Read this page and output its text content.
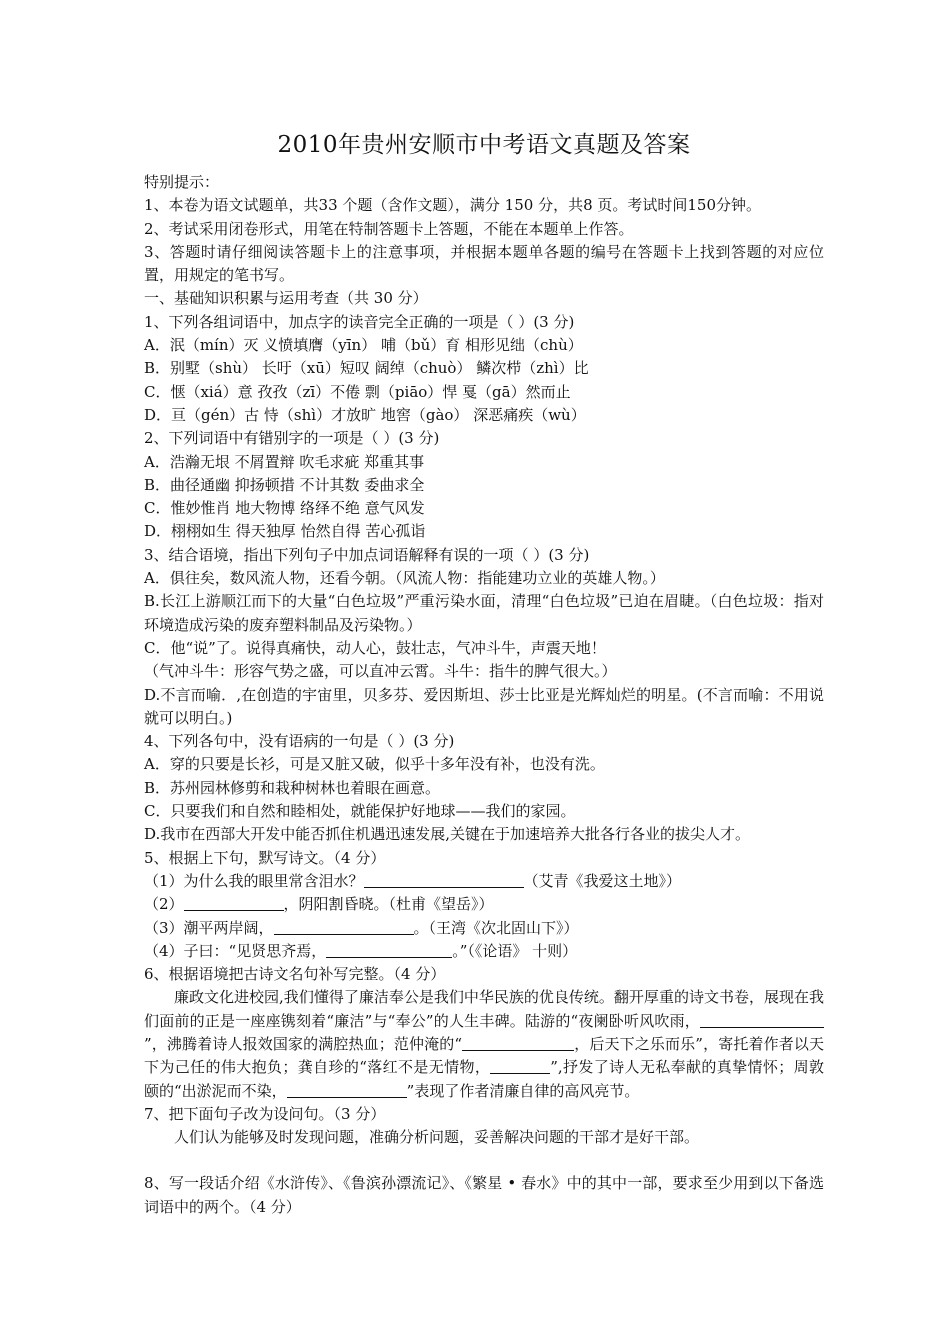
2010年贵州安顺市中考语文真题及答案
特别提示：
1、本卷为语文试题单，共33 个题（含作文题），满分 150 分，共8 页。考试时间150分钟。
2、考试采用闭卷形式，用笔在特制答题卡上答题，不能在本题单上作答。
3、答题时请仔细阅读答题卡上的注意事项，并根据本题单各题的编号在答题卡上找到答题的对应位置，用规定的笔书写。
一、基础知识积累与运用考查（共 30 分）
1、下列各组词语中，加点字的读音完全正确的一项是（ ）(3 分)
A．泯（mín）灭 义愤填膺（yīn） 哺（bǔ）育 相形见绌（chù）
B．别墅（shù） 长吁（xū）短叹 阔绰（chuò） 鳞次栉（zhì）比
C．惬（xiá）意 孜孜（zī）不倦 剽（piāo）悍 戛（gā）然而止
D．亘（gén）古 恃（shì）才放旷 地窖（gào） 深恶痛疾（wù）
2、下列词语中有错别字的一项是（ ）(3 分)
A．浩瀚无垠 不屑置辩 吹毛求疵 郑重其事
B．曲径通幽 抑扬顿措 不计其数 委曲求全
C．惟妙惟肖 地大物博 络绎不绝 意气风发
D．栩栩如生 得天独厚 怡然自得 苦心孤诣
3、结合语境，指出下列句子中加点词语解释有误的一项（ ）(3 分)
A．俱往矣，数风流人物，还看今朝。（风流人物：指能建功立业的英雄人物。）
B.长江上游顺江而下的大量“白色垃圾”严重污染水面，清理“白色垃圾”已迫在眉睫。（白色垃圾：指对环境造成污染的废弃塑料制品及污染物。）
C．他“说”了。说得真痛快，动人心，鼓壮志，气冲斗牛，声震天地！
（气冲斗牛：形容气势之盛，可以直冲云霄。斗牛：指牛的脾气很大。）
D.不言而喻．,在创造的宇宙里，贝多芬、爱因斯坦、莎士比亚是光辉灿烂的明星。(不言而喻：不用说就可以明白。)
4、下列各句中，没有语病的一句是（ ）(3 分)
A．穿的只要是长衫，可是又脏又破，似乎十多年没有补，也没有洗。
B．苏州园林修剪和栽种树林也着眼在画意。
C．只要我们和自然和睦相处，就能保护好地球——我们的家园。
D.我市在西部大开发中能否抓住机遇迅速发展,关键在于加速培养大批各行各业的拔尖人才。
5、根据上下句，默写诗文。（4 分）
（1）为什么我的眼里常含泪水？	（艾青《我爱这土地》）
（2）	，阴阳割昏晓。（杜甫《望岳》）
（3）潮平两岸阔，	。（王湾《次北固山下》）
（4）子曰：“见贤思齐焉，	。”（《论语》 十则）
6、根据语境把古诗文名句补写完整。（4 分）
廉政文化进校园,我们懂得了廉洁奉公是我们中华民族的优良传统。翻开厚重的诗文书卷，展现在我们面前的正是一座座镌刻着“廉洁”与“奉公”的人生丰碑。陆游的“夜阑卧听风吹雨，”，沸腾着诗人报效国家的满腔热血；范仲淹的“	，后天下之乐而乐”，寄托着作者以天下为己任的伟大抱负；龚自珍的“落红不是无情物，	”,抒发了诗人无私奉献的真挚情怀；周敦颐的“出淤泥而不染，	”表现了作者清廉自律的高风亮节。
7、把下面句子改为设问句。（3 分）
人们认为能够及时发现问题，准确分析问题，妥善解决问题的干部才是好干部。
8、写一段话介绍《水浒传》、《鲁滨孙漂流记》、《繁星 • 春水》中的其中一部，要求至少用到以下备选词语中的两个。（4 分）
